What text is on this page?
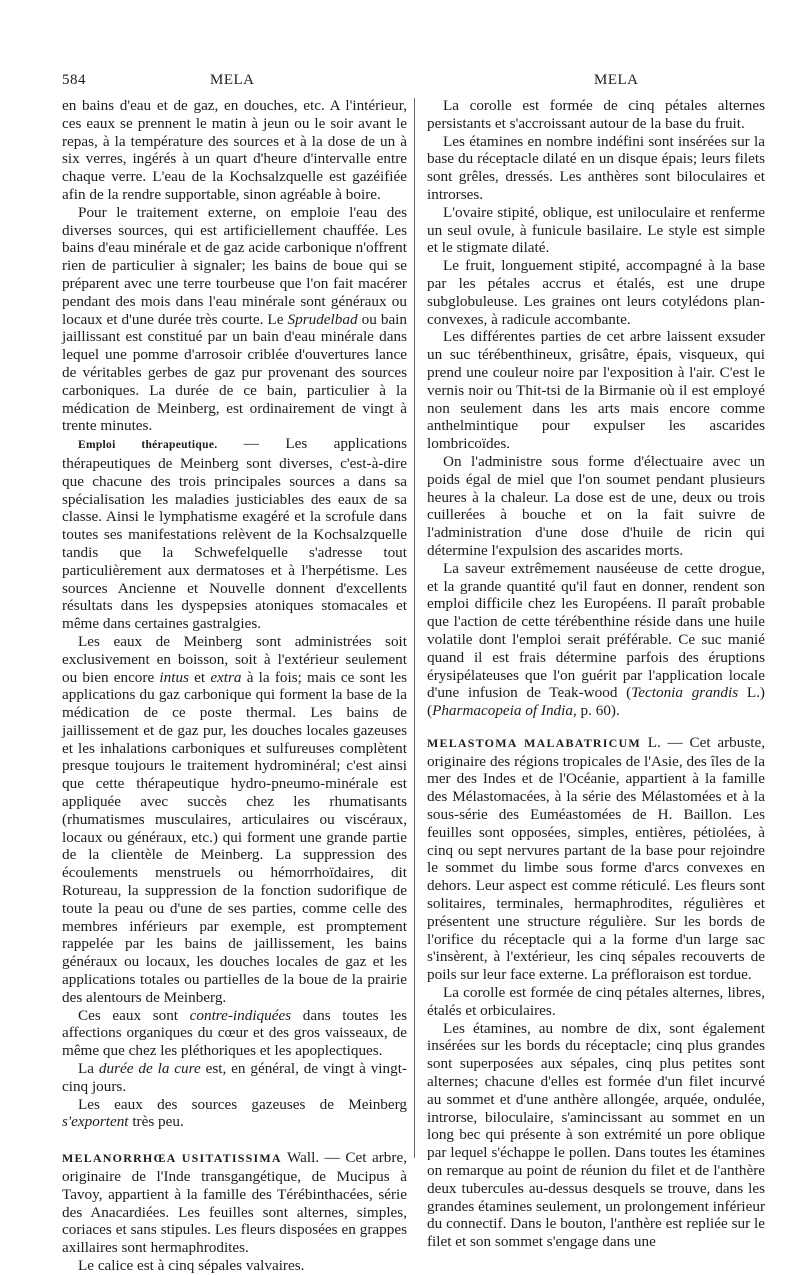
584	MELA	MELA

en bains d'eau et de gaz, en douches, etc. A l'intérieur, ces eaux se prennent le matin à jeun ou le soir avant le repas, à la température des sources et à la dose de un à six verres, ingérés à un quart d'heure d'intervalle entre chaque verre. L'eau de la Kochsalzquelle est gazéifiée afin de la rendre supportable, sinon agréable à boire.

Pour le traitement externe, on emploie l'eau des diverses sources, qui est artificiellement chauffée. Les bains d'eau minérale et de gaz acide carbonique n'offrent rien de particulier à signaler; les bains de boue qui se préparent avec une terre tourbeuse que l'on fait macérer pendant des mois dans l'eau minérale sont généraux ou locaux et d'une durée très courte. Le Sprudelbad ou bain jaillissant est constitué par un bain d'eau minérale dans lequel une pomme d'arrosoir criblée d'ouvertures lance de véritables gerbes de gaz pur provenant des sources carboniques. La durée de ce bain, particulier à la médication de Meinberg, est ordinairement de vingt à trente minutes.

Emploi thérapeutique. — Les applications thérapeutiques de Meinberg sont diverses, c'est-à-dire que chacune des trois principales sources a dans sa spécialisation les maladies justiciables des eaux de sa classe. Ainsi le lymphatisme exagéré et la scrofule dans toutes ses manifestations relèvent de la Kochsalzquelle tandis que la Schwefelquelle s'adresse tout particulièrement aux dermatoses et à l'herpétisme. Les sources Ancienne et Nouvelle donnent d'excellents résultats dans les dyspepsies atoniques stomacales et même dans certaines gastralgies.

Les eaux de Meinberg sont administrées soit exclusivement en boisson, soit à l'extérieur seulement ou bien encore intus et extra à la fois; mais ce sont les applications du gaz carbonique qui forment la base de la médication de ce poste thermal. Les bains de jaillissement et de gaz pur, les douches locales gazeuses et les inhalations carboniques et sulfureuses complètent presque toujours le traitement hydrominéral; c'est ainsi que cette thérapeutique hydro-pneumo-minérale est appliquée avec succès chez les rhumatisants (rhumatismes musculaires, articulaires ou viscéraux, locaux ou généraux, etc.) qui forment une grande partie de la clientèle de Meinberg. La suppression des écoulements menstruels ou hémorrhoïdaires, dit Rotureau, la suppression de la fonction sudorifique de toute la peau ou d'une de ses parties, comme celle des membres inférieurs par exemple, est promptement rappelée par les bains de jaillissement, les bains généraux ou locaux, les douches locales de gaz et les applications totales ou partielles de la boue de la prairie des alentours de Meinberg.

Ces eaux sont contre-indiquées dans toutes les affections organiques du cœur et des gros vaisseaux, de même que chez les pléthoriques et les apoplectiques.

La durée de la cure est, en général, de vingt à vingt-cinq jours.

Les eaux des sources gazeuses de Meinberg s'exportent très peu.

MELANORRHŒA USITATISSIMA Wall. — Cet arbre, originaire de l'Inde transgangétique, de Mucipus à Tavoy, appartient à la famille des Térébinthacées, série des Anacardiées. Les feuilles sont alternes, simples, coriaces et sans stipules. Les fleurs disposées en grappes axillaires sont hermaphrodites.

Le calice est à cinq sépales valvaires.

La corolle est formée de cinq pétales alternes persistants et s'accroissant autour de la base du fruit.

Les étamines en nombre indéfini sont insérées sur la base du réceptacle dilaté en un disque épais; leurs filets sont grêles, dressés. Les anthères sont biloculaires et introrses.

L'ovaire stipité, oblique, est uniloculaire et renferme un seul ovule, à funicule basilaire. Le style est simple et le stigmate dilaté.

Le fruit, longuement stipité, accompagné à la base par les pétales accrus et étalés, est une drupe subglobuleuse. Les graines ont leurs cotylédons plan-convexes, à radicule accombante.

Les différentes parties de cet arbre laissent exsuder un suc térébenthineux, grisâtre, épais, visqueux, qui prend une couleur noire par l'exposition à l'air. C'est le vernis noir ou Thit-tsi de la Birmanie où il est employé non seulement dans les arts mais encore comme anthelmintique pour expulser les ascarides lombricoïdes.

On l'administre sous forme d'électuaire avec un poids égal de miel que l'on soumet pendant plusieurs heures à la chaleur. La dose est de une, deux ou trois cuillerées à bouche et on la fait suivre de l'administration d'une dose d'huile de ricin qui détermine l'expulsion des ascarides morts.

La saveur extrêmement nauséeuse de cette drogue, et la grande quantité qu'il faut en donner, rendent son emploi difficile chez les Européens. Il paraît probable que l'action de cette térébenthine réside dans une huile volatile dont l'emploi serait préférable. Ce suc manié quand il est frais détermine parfois des éruptions érysipélateuses que l'on guérit par l'application locale d'une infusion de Teak-wood (Tectonia grandis L.) (Pharmacopeia of India, p. 60).

MELASTOMA MALABATRICUM L. — Cet arbuste, originaire des régions tropicales de l'Asie, des îles de la mer des Indes et de l'Océanie, appartient à la famille des Mélastomacées, à la série des Mélastomées et à la sous-série des Euméastomées de H. Baillon. Les feuilles sont opposées, simples, entières, pétiolées, à cinq ou sept nervures partant de la base pour rejoindre le sommet du limbe sous forme d'arcs convexes en dehors. Leur aspect est comme réticulé. Les fleurs sont solitaires, terminales, hermaphrodites, régulières et présentent une structure régulière. Sur les bords de l'orifice du réceptacle qui a la forme d'un large sac s'insèrent, à l'extérieur, les cinq sépales recouverts de poils sur leur face externe. La préfloraison est tordue.

La corolle est formée de cinq pétales alternes, libres, étalés et orbiculaires.

Les étamines, au nombre de dix, sont également insérées sur les bords du réceptacle; cinq plus grandes sont superposées aux sépales, cinq plus petites sont alternes; chacune d'elles est formée d'un filet incurvé au sommet et d'une anthère allongée, arquée, ondulée, introrse, biloculaire, s'amincissant au sommet en un long bec qui présente à son extrémité un pore oblique par lequel s'échappe le pollen. Dans toutes les étamines on remarque au point de réunion du filet et de l'anthère deux tubercules au-dessus desquels se trouve, dans les grandes étamines seulement, un prolongement inférieur du connectif. Dans le bouton, l'anthère est repliée sur le filet et son sommet s'engage dans une
